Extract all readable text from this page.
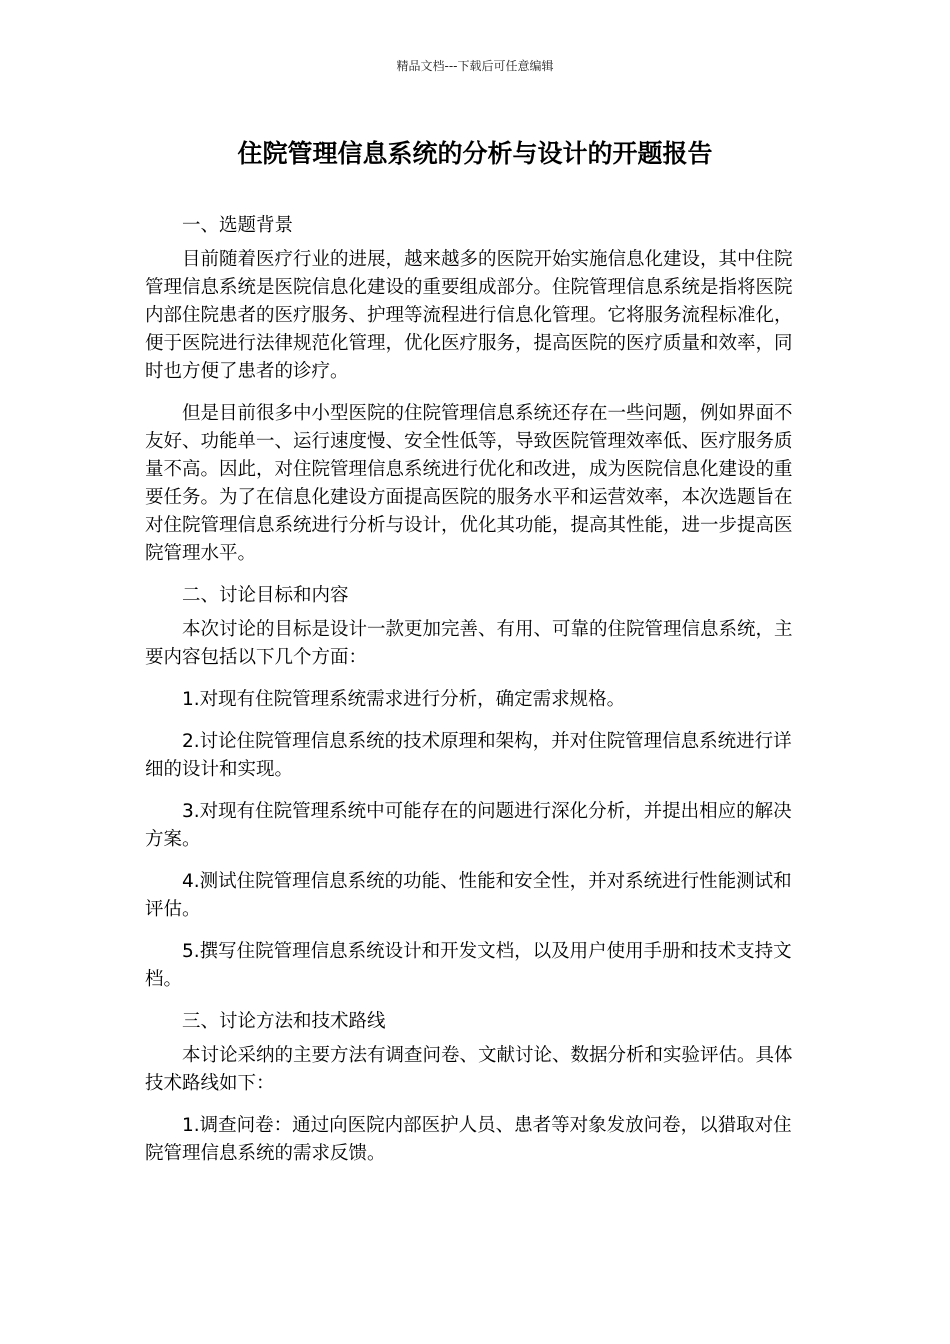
精品文档---下载后可任意编辑
住院管理信息系统的分析与设计的开题报告

一、选题背景

目前随着医疗行业的进展，越来越多的医院开始实施信息化建设，其中住院管理信息系统是医院信息化建设的重要组成部分。住院管理信息系统是指将医院内部住院患者的医疗服务、护理等流程进行信息化管理。它将服务流程标准化，便于医院进行法律规范化管理，优化医疗服务，提高医院的医疗质量和效率，同时也方便了患者的诊疗。

但是目前很多中小型医院的住院管理信息系统还存在一些问题，例如界面不友好、功能单一、运行速度慢、安全性低等，导致医院管理效率低、医疗服务质量不高。因此，对住院管理信息系统进行优化和改进，成为医院信息化建设的重要任务。为了在信息化建设方面提高医院的服务水平和运营效率，本次选题旨在对住院管理信息系统进行分析与设计，优化其功能，提高其性能，进一步提高医院管理水平。

二、讨论目标和内容

本次讨论的目标是设计一款更加完善、有用、可靠的住院管理信息系统，主要内容包括以下几个方面：

1.对现有住院管理系统需求进行分析，确定需求规格。

2.讨论住院管理信息系统的技术原理和架构，并对住院管理信息系统进行详细的设计和实现。

3.对现有住院管理系统中可能存在的问题进行深化分析，并提出相应的解决方案。

4.测试住院管理信息系统的功能、性能和安全性，并对系统进行性能测试和评估。

5.撰写住院管理信息系统设计和开发文档，以及用户使用手册和技术支持文档。

三、讨论方法和技术路线

本讨论采纳的主要方法有调查问卷、文献讨论、数据分析和实验评估。具体技术路线如下：

1.调查问卷：通过向医院内部医护人员、患者等对象发放问卷，以猎取对住院管理信息系统的需求反馈。
